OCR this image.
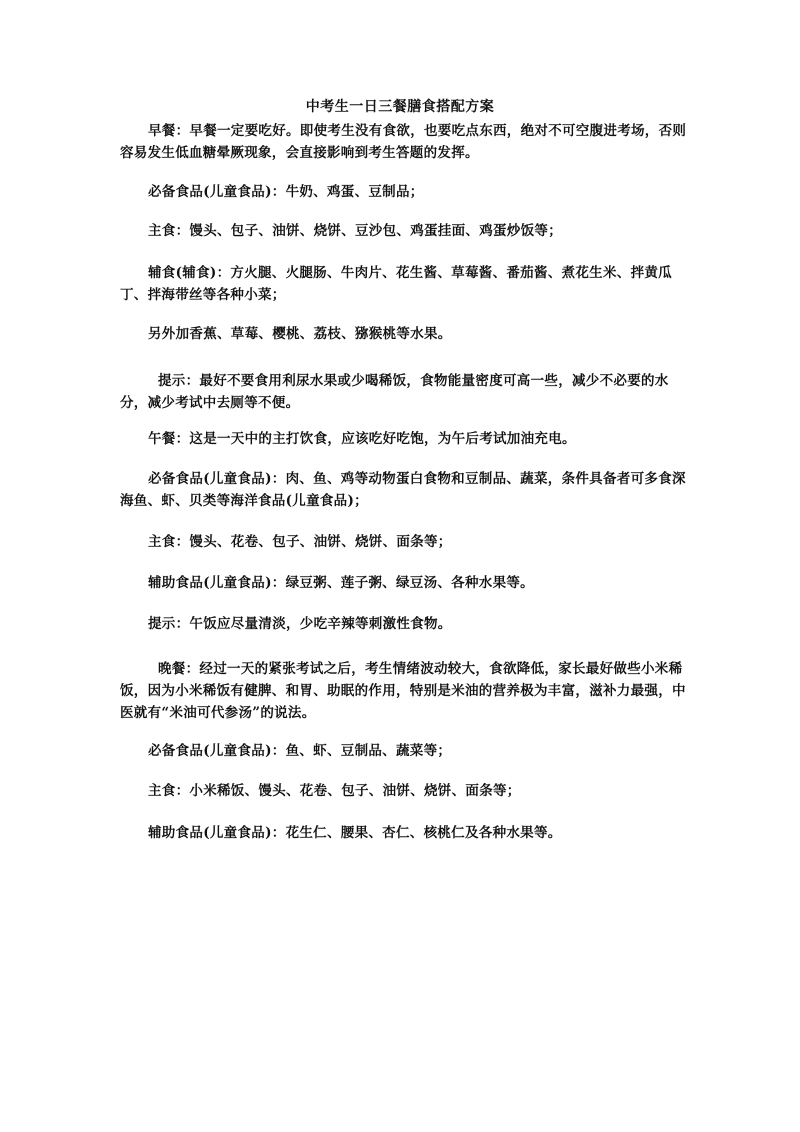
中考生一日三餐膳食搭配方案

早餐：早餐一定要吃好。即使考生没有食欲，也要吃点东西，绝对不可空腹进考场，否则容易发生低血糖晕厥现象，会直接影响到考生答题的发挥。

必备食品(儿童食品)：牛奶、鸡蛋、豆制品；

主食：馒头、包子、油饼、烧饼、豆沙包、鸡蛋挂面、鸡蛋炒饭等；

辅食(辅食)：方火腿、火腿肠、牛肉片、花生酱、草莓酱、番茄酱、煮花生米、拌黄瓜丁、拌海带丝等各种小菜；

另外加香蕉、草莓、樱桃、荔枝、猕猴桃等水果。

提示：最好不要食用利尿水果或少喝稀饭，食物能量密度可高一些，减少不必要的水分，减少考试中去厕等不便。

午餐：这是一天中的主打饮食，应该吃好吃饱，为午后考试加油充电。

必备食品(儿童食品)：肉、鱼、鸡等动物蛋白食物和豆制品、蔬菜，条件具备者可多食深海鱼、虾、贝类等海洋食品(儿童食品)；

主食：馒头、花卷、包子、油饼、烧饼、面条等；

辅助食品(儿童食品)：绿豆粥、莲子粥、绿豆汤、各种水果等。

提示：午饭应尽量清淡，少吃辛辣等刺激性食物。

晚餐：经过一天的紧张考试之后，考生情绪波动较大，食欲降低，家长最好做些小米稀饭，因为小米稀饭有健脾、和胃、助眠的作用，特别是米油的营养极为丰富，滋补力最强，中医就有“米油可代参汤”的说法。

必备食品(儿童食品)：鱼、虾、豆制品、蔬菜等；

主食：小米稀饭、馒头、花卷、包子、油饼、烧饼、面条等；

辅助食品(儿童食品)：花生仁、腰果、杏仁、核桃仁及各种水果等。
